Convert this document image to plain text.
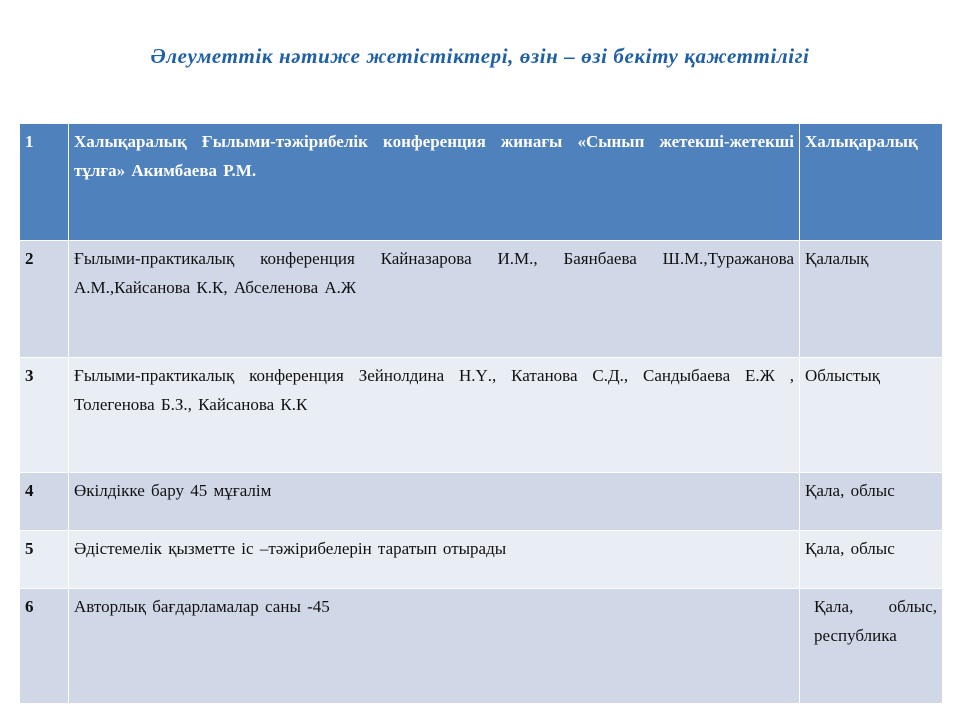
Әлеуметтік нәтиже жетістіктері, өзін – өзі бекіту қажеттілігі
1	Халықаралық Ғылыми-тәжірибелік конференция жинағы «Сынып жетекші-жетекші тұлға» Акимбаева Р.М.	Халықаралық
2	Ғылыми-практикалық конференция Кайназарова И.М., Баянбаева Ш.М.,Туражанова А.М.,Кайсанова К.К, Абселенова А.Ж	Қалалық
3	Ғылыми-практикалық конференция Зейнолдина Н.Ү., Катанова С.Д., Сандыбаева Е.Ж , Толегенова Б.З., Кайсанова К.К	Облыстық
4	Өкілдікке бару 45 мұғалім	Қала, облыс
5	Әдістемелік қызметте іс –тәжірибелерін таратып отырады	Қала, облыс
6	Авторлық бағдарламалар саны -45	Қала, облыс, республика
